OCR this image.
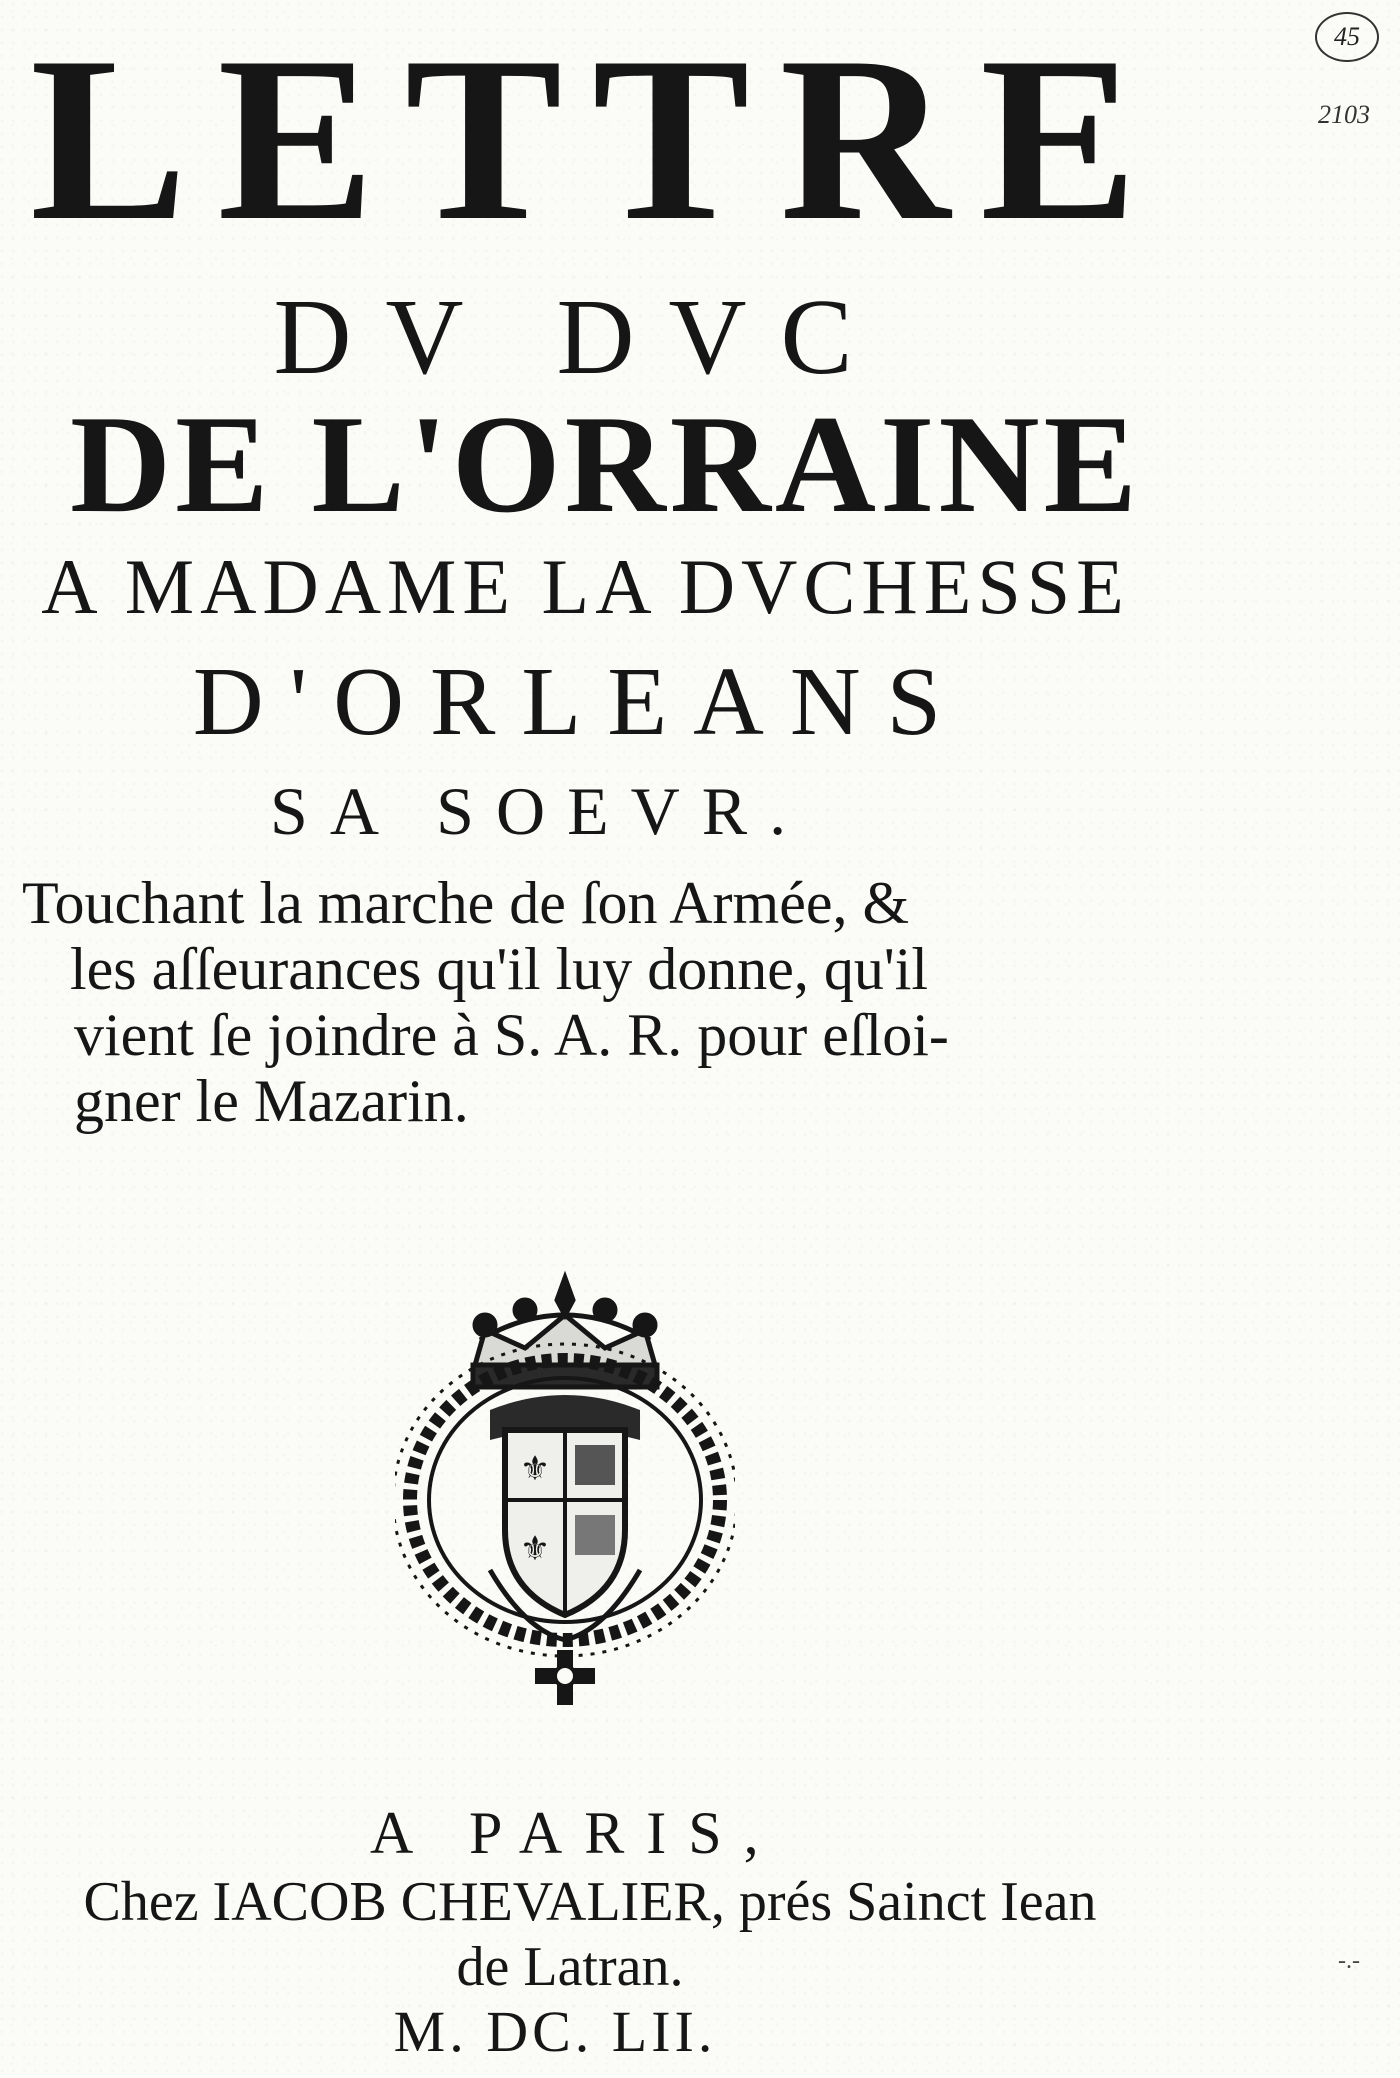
45
2103
LETTRE
DV DVC
DE L'ORRAINE
A MADAME LA DVCHESSE
D'ORLEANS
SA SOEVR.
Touchant la marche de ſon Armée, &
les aſſeurances qu'il luy donne, qu'il
vient ſe joindre à S. A. R. pour eſloi-
gner le Mazarin.
⚜
⚜
A PARIS,
Chez IACOB CHEVALIER, prés Sainct Iean
de Latran.
M. DC. LII.
-.-
